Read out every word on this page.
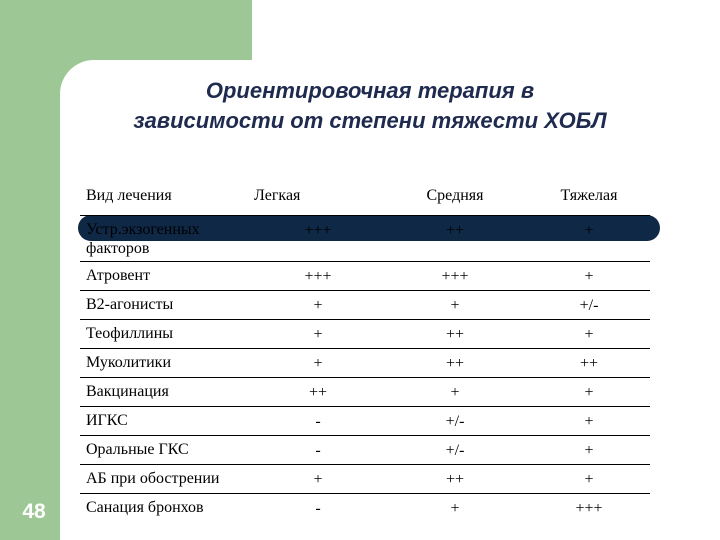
Ориентировочная терапия в
зависимости от степени тяжести ХОБЛ
48
Вид лечения	Легкая	Средняя	Тяжелая
Устр.экзогенных факторов	+++	++	+
Атровент	+++	+++	+
В2-агонисты	+	+	+/-
Теофиллины	+	++	+
Муколитики	+	++	++
Вакцинация	++	+	+
ИГКС	-	+/-	+
Оральные ГКС	-	+/-	+
АБ при обострении	+	++	+
Санация бронхов	-	+	+++
